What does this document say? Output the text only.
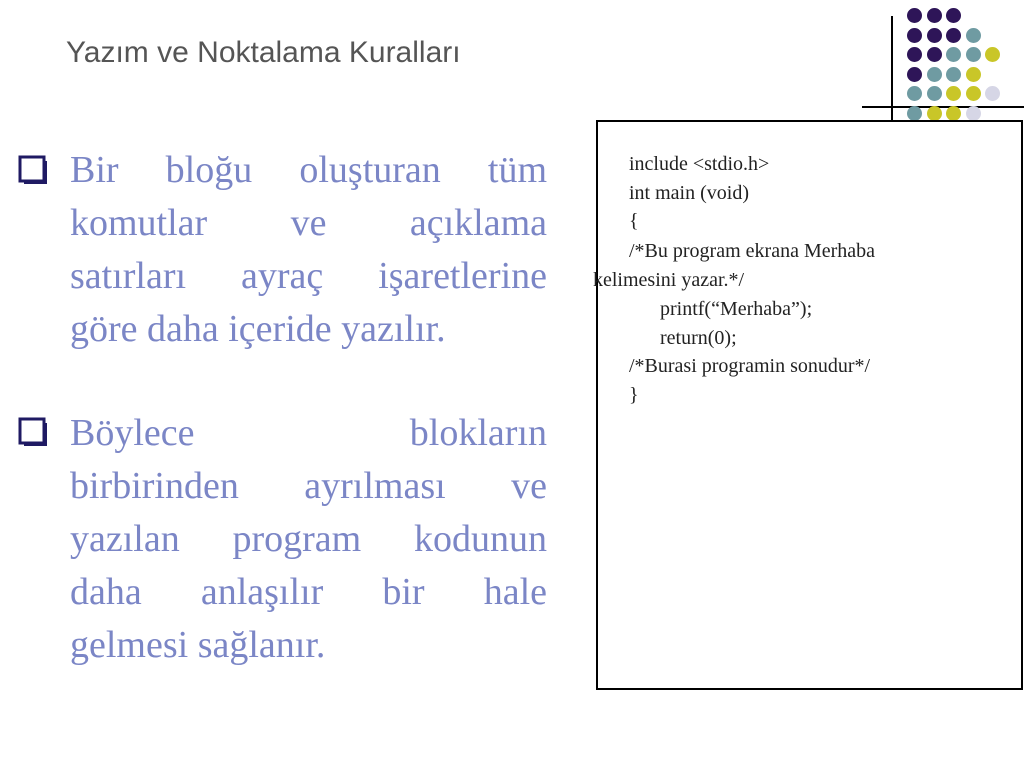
Yazım ve Noktalama Kuralları
Bir bloğu oluşturan tüm
komutlar ve açıklama
satırları ayraç işaretlerine
göre daha içeride yazılır.
Böylece blokların
birbirinden ayrılması ve
yazılan program kodunun
daha anlaşılır bir hale
gelmesi sağlanır.
include <stdio.h>
int main (void)
{
/*Bu program ekrana Merhaba
kelimesini yazar.*/
printf(“Merhaba”);
return(0);
/*Burasi programin sonudur*/
}
